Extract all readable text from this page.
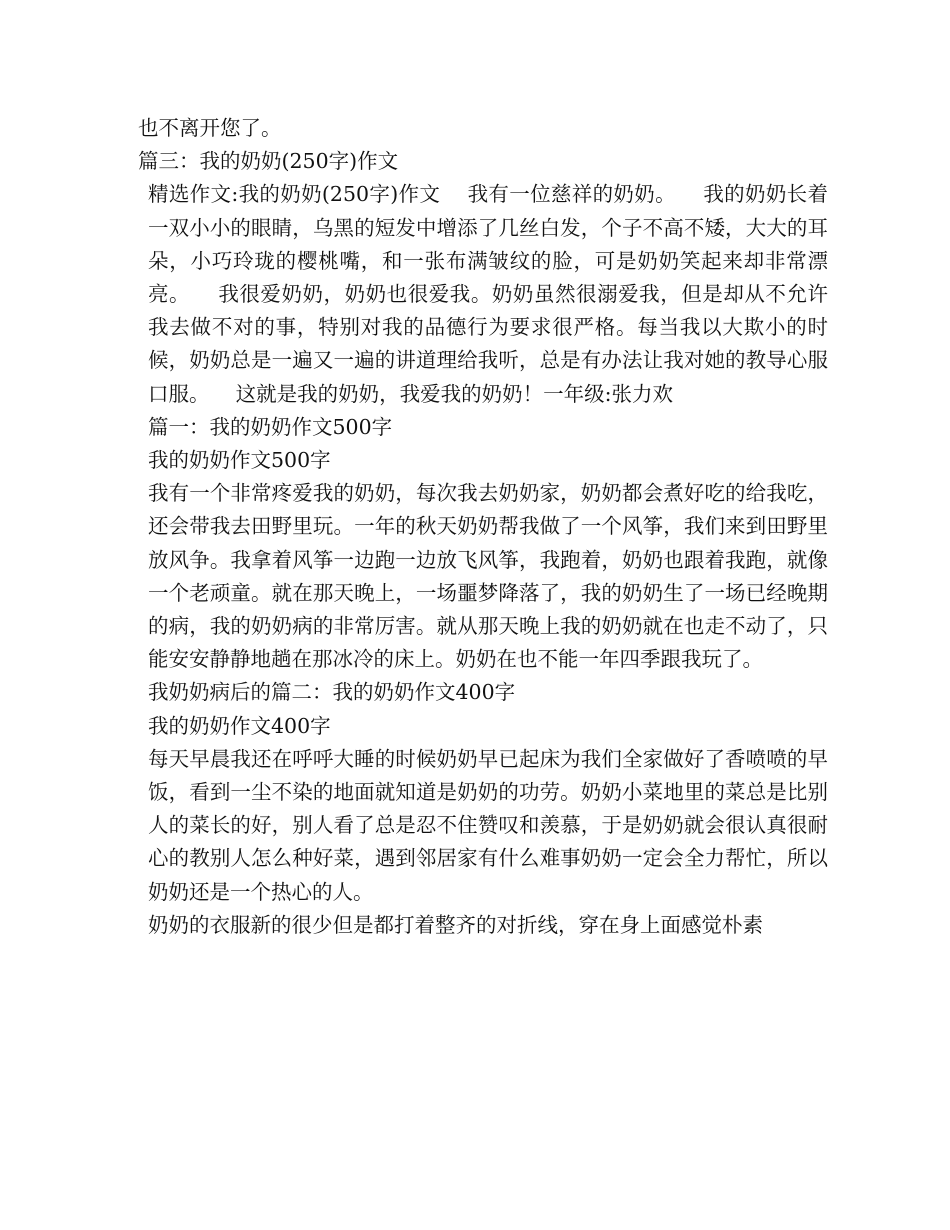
也不离开您了。

篇三：我的奶奶(250字)作文

精选作文:我的奶奶(250字)作文    我有一位慈祥的奶奶。    我的奶奶长着一双小小的眼睛，乌黑的短发中增添了几丝白发，个子不高不矮，大大的耳朵，小巧玲珑的樱桃嘴，和一张布满皱纹的脸，可是奶奶笑起来却非常漂亮。    我很爱奶奶，奶奶也很爱我。奶奶虽然很溺爱我，但是却从不允许我去做不对的事，特别对我的品德行为要求很严格。每当我以大欺小的时候，奶奶总是一遍又一遍的讲道理给我听，总是有办法让我对她的教导心服口服。    这就是我的奶奶，我爱我的奶奶！一年级:张力欢

篇一：我的奶奶作文500字

我的奶奶作文500字

我有一个非常疼爱我的奶奶，每次我去奶奶家，奶奶都会煮好吃的给我吃，还会带我去田野里玩。一年的秋天奶奶帮我做了一个风筝，我们来到田野里放风争。我拿着风筝一边跑一边放飞风筝，我跑着，奶奶也跟着我跑，就像一个老顽童。就在那天晚上，一场噩梦降落了，我的奶奶生了一场已经晚期的病，我的奶奶病的非常厉害。就从那天晚上我的奶奶就在也走不动了，只能安安静静地趟在那冰冷的床上。奶奶在也不能一年四季跟我玩了。

我奶奶病后的篇二：我的奶奶作文400字

我的奶奶作文400字

每天早晨我还在呼呼大睡的时候奶奶早已起床为我们全家做好了香喷喷的早饭，看到一尘不染的地面就知道是奶奶的功劳。奶奶小菜地里的菜总是比别人的菜长的好，别人看了总是忍不住赞叹和羡慕，于是奶奶就会很认真很耐心的教别人怎么种好菜，遇到邻居家有什么难事奶奶一定会全力帮忙，所以奶奶还是一个热心的人。

奶奶的衣服新的很少但是都打着整齐的对折线，穿在身上面感觉朴素
